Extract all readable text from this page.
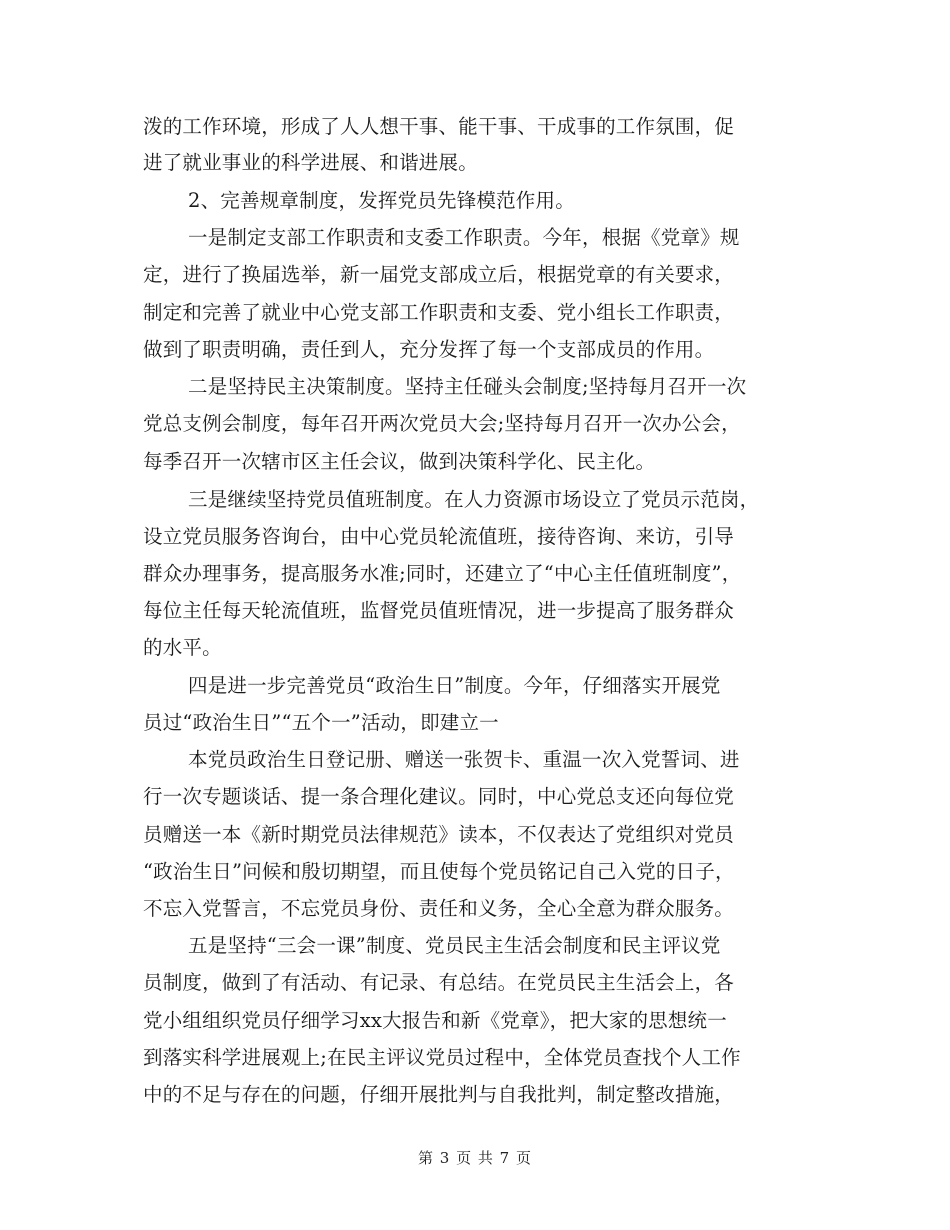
泼的工作环境，形成了人人想干事、能干事、干成事的工作氛围，促
进了就业事业的科学进展、和谐进展。
2、完善规章制度，发挥党员先锋模范作用。
一是制定支部工作职责和支委工作职责。今年，根据《党章》规
定，进行了换届选举，新一届党支部成立后，根据党章的有关要求，
制定和完善了就业中心党支部工作职责和支委、党小组长工作职责，
做到了职责明确，责任到人，充分发挥了每一个支部成员的作用。
二是坚持民主决策制度。坚持主任碰头会制度;坚持每月召开一次
党总支例会制度，每年召开两次党员大会;坚持每月召开一次办公会，
每季召开一次辖市区主任会议，做到决策科学化、民主化。
三是继续坚持党员值班制度。在人力资源市场设立了党员示范岗，
设立党员服务咨询台，由中心党员轮流值班，接待咨询、来访，引导
群众办理事务，提高服务水准;同时，还建立了“中心主任值班制度”，
每位主任每天轮流值班，监督党员值班情况，进一步提高了服务群众
的水平。
四是进一步完善党员“政治生日”制度。今年，仔细落实开展党
员过“政治生日”“五个一”活动，即建立一
本党员政治生日登记册、赠送一张贺卡、重温一次入党誓词、进
行一次专题谈话、提一条合理化建议。同时，中心党总支还向每位党
员赠送一本《新时期党员法律规范》读本，不仅表达了党组织对党员
“政治生日”问候和殷切期望，而且使每个党员铭记自己入党的日子，
不忘入党誓言，不忘党员身份、责任和义务，全心全意为群众服务。
五是坚持“三会一课”制度、党员民主生活会制度和民主评议党
员制度，做到了有活动、有记录、有总结。在党员民主生活会上，各
党小组组织党员仔细学习xx大报告和新《党章》，把大家的思想统一
到落实科学进展观上;在民主评议党员过程中，全体党员查找个人工作
中的不足与存在的问题，仔细开展批判与自我批判，制定整改措施，
第 3 页 共 7 页
